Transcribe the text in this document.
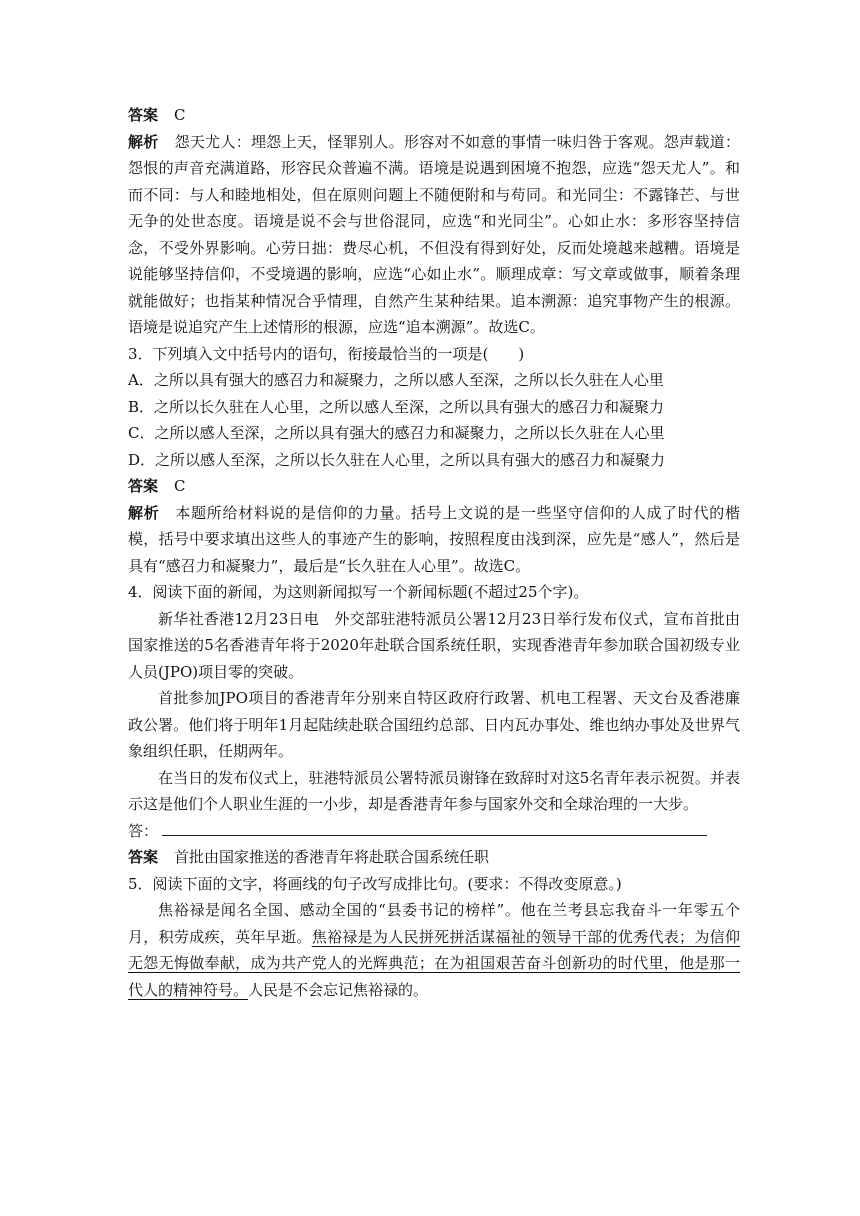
答案 C

解析 怨天尤人：埋怨上天，怪罪别人。形容对不如意的事情一味归咎于客观。怨声载道：怨恨的声音充满道路，形容民众普遍不满。语境是说遇到困境不抱怨，应选“怨天尤人”。和而不同：与人和睦地相处，但在原则问题上不随便附和与苟同。和光同尘：不露锋芒、与世无争的处世态度。语境是说不会与世俗混同，应选“和光同尘”。心如止水：多形容坚持信念，不受外界影响。心劳日拙：费尽心机，不但没有得到好处，反而处境越来越糟。语境是说能够坚持信仰，不受境遇的影响，应选“心如止水”。顺理成章：写文章或做事，顺着条理就能做好；也指某种情况合乎情理，自然产生某种结果。追本溯源：追究事物产生的根源。语境是说追究产生上述情形的根源，应选“追本溯源”。故选C。

3．下列填入文中括号内的语句，衔接最恰当的一项是(　　)

A．之所以具有强大的感召力和凝聚力，之所以感人至深，之所以长久驻在人心里
B．之所以长久驻在人心里，之所以感人至深，之所以具有强大的感召力和凝聚力
C．之所以感人至深，之所以具有强大的感召力和凝聚力，之所以长久驻在人心里
D．之所以感人至深，之所以长久驻在人心里，之所以具有强大的感召力和凝聚力

答案 C

解析 本题所给材料说的是信仰的力量。括号上文说的是一些坚守信仰的人成了时代的楷模，括号中要求填出这些人的事迹产生的影响，按照程度由浅到深，应先是“感人”，然后是具有“感召力和凝聚力”，最后是“长久驻在人心里”。故选C。

4．阅读下面的新闻，为这则新闻拟写一个新闻标题(不超过25个字)。

新华社香港12月23日电　外交部驻港特派员公署12月23日举行发布仪式，宣布首批由国家推送的5名香港青年将于2020年赴联合国系统任职，实现香港青年参加联合国初级专业人员(JPO)项目零的突破。

首批参加JPO项目的香港青年分别来自特区政府行政署、机电工程署、天文台及香港廉政公署。他们将于明年1月起陆续赴联合国纽约总部、日内瓦办事处、维也纳办事处及世界气象组织任职，任期两年。

在当日的发布仪式上，驻港特派员公署特派员谢锋在致辞时对这5名青年表示祝贺。并表示这是他们个人职业生涯的一小步，却是香港青年参与国家外交和全球治理的一大步。

答：

答案 首批由国家推送的香港青年将赴联合国系统任职

5．阅读下面的文字，将画线的句子改写成排比句。(要求：不得改变原意。)

焦裕禄是闻名全国、感动全国的“县委书记的榜样”。他在兰考县忘我奋斗一年零五个月，积劳成疾，英年早逝。焦裕禄是为人民拼死拼活谋福祉的领导干部的优秀代表；为信仰无怨无悔做奉献，成为共产党人的光辉典范；在为祖国艰苦奋斗创新功的时代里，他是那一代人的精神符号。人民是不会忘记焦裕禄的。
